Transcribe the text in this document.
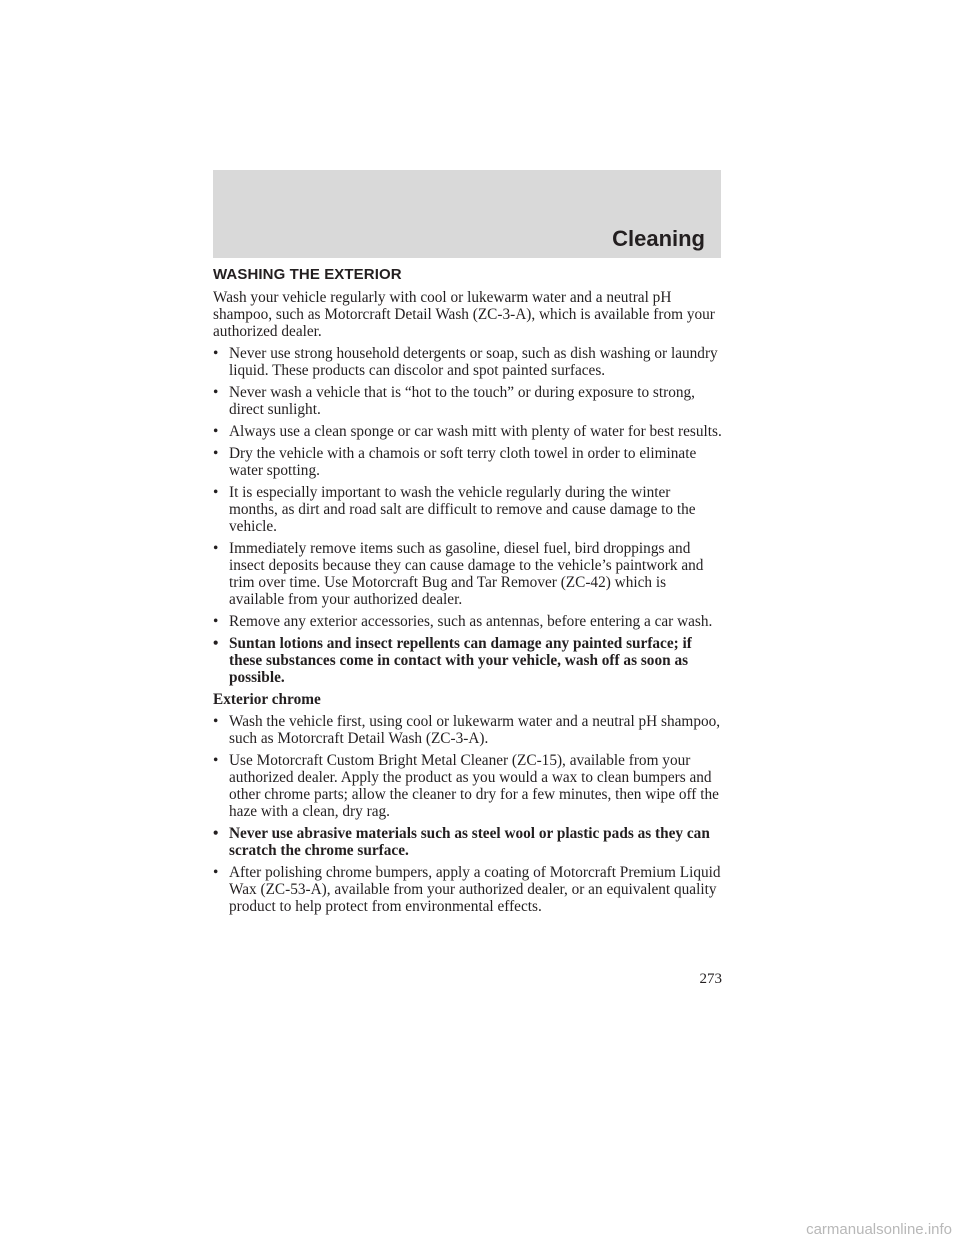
Cleaning
WASHING THE EXTERIOR

Wash your vehicle regularly with cool or lukewarm water and a neutral pH shampoo, such as Motorcraft Detail Wash (ZC-3-A), which is available from your authorized dealer.

• Never use strong household detergents or soap, such as dish washing or laundry liquid. These products can discolor and spot painted surfaces.
• Never wash a vehicle that is “hot to the touch” or during exposure to strong, direct sunlight.
• Always use a clean sponge or car wash mitt with plenty of water for best results.
• Dry the vehicle with a chamois or soft terry cloth towel in order to eliminate water spotting.
• It is especially important to wash the vehicle regularly during the winter months, as dirt and road salt are difficult to remove and cause damage to the vehicle.
• Immediately remove items such as gasoline, diesel fuel, bird droppings and insect deposits because they can cause damage to the vehicle’s paintwork and trim over time. Use Motorcraft Bug and Tar Remover (ZC-42) which is available from your authorized dealer.
• Remove any exterior accessories, such as antennas, before entering a car wash.
• Suntan lotions and insect repellents can damage any painted surface; if these substances come in contact with your vehicle, wash off as soon as possible.
Exterior chrome
• Wash the vehicle first, using cool or lukewarm water and a neutral pH shampoo, such as Motorcraft Detail Wash (ZC-3-A).
• Use Motorcraft Custom Bright Metal Cleaner (ZC-15), available from your authorized dealer. Apply the product as you would a wax to clean bumpers and other chrome parts; allow the cleaner to dry for a few minutes, then wipe off the haze with a clean, dry rag.
• Never use abrasive materials such as steel wool or plastic pads as they can scratch the chrome surface.
• After polishing chrome bumpers, apply a coating of Motorcraft Premium Liquid Wax (ZC-53-A), available from your authorized dealer, or an equivalent quality product to help protect from environmental effects.
273
carmanualsonline.info
